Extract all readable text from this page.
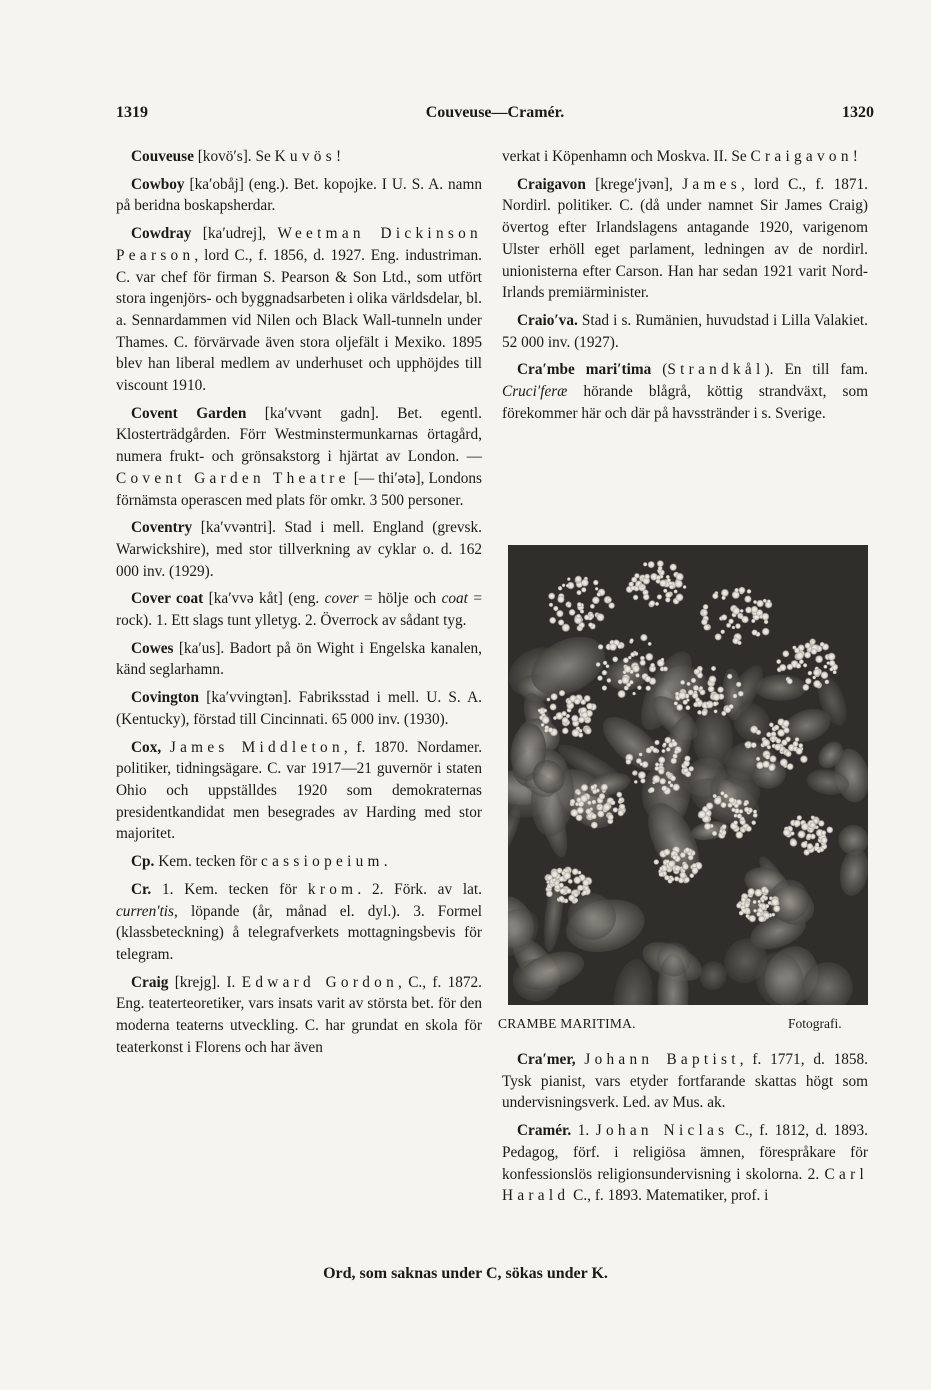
1319	Couveuse—Cramér.	1320

Couveuse [kovö′s]. Se Kuvös!

Cowboy [ka′obåj] (eng.). Bet. kopojke. I U. S. A. namn på beridna boskapsherdar.

Cowdray [ka′udrej], Weetman Dickinson Pearson, lord C., f. 1856, d. 1927. Eng. industriman. C. var chef för firman S. Pearson & Son Ltd., som utfört stora ingenjörs- och byggnadsarbeten i olika världsdelar, bl. a. Sennardammen vid Nilen och Black Wall-tunneln under Thames. C. förvärvade även stora oljefält i Mexiko. 1895 blev han liberal medlem av underhuset och upphöjdes till viscount 1910.

Covent Garden [ka′vvənt gadn]. Bet. egentl. Klosterträdgården. Förr Westminstermunkarnas örtagård, numera frukt- och grönsakstorg i hjärtat av London. — Covent Garden Theatre [— thi′ətə], Londons förnämsta operascen med plats för omkr. 3 500 personer.

Coventry [ka′vvəntri]. Stad i mell. England (grevsk. Warwickshire), med stor tillverkning av cyklar o. d. 162 000 inv. (1929).

Cover coat [ka′vvə kåt] (eng. cover = hölje och coat = rock). 1. Ett slags tunt ylletyg. 2. Överrock av sådant tyg.

Cowes [ka′us]. Badort på ön Wight i Engelska kanalen, känd seglarhamn.

Covington [ka′vvingtən]. Fabriksstad i mell. U. S. A. (Kentucky), förstad till Cincinnati. 65 000 inv. (1930).

Cox, James Middleton, f. 1870. Nordamer. politiker, tidningsägare. C. var 1917—21 guvernör i staten Ohio och uppställdes 1920 som demokraternas presidentkandidat men besegrades av Harding med stor majoritet.

Cp. Kem. tecken för cassiopeium.

Cr. 1. Kem. tecken för krom. 2. Förk. av lat. curren′tis, löpande (år, månad el. dyl.). 3. Formel (klassbeteckning) å telegrafverkets mottagningsbevis för telegram.

Craig [krejg]. I. Edward Gordon, C., f. 1872. Eng. teaterteoretiker, vars insats varit av största bet. för den moderna teaterns utveckling. C. har grundat en skola för teaterkonst i Florens och har även

verkat i Köpenhamn och Moskva. II. Se Craigavon!

Craigavon [krege′jvən], James, lord C., f. 1871. Nordirl. politiker. C. (då under namnet Sir James Craig) övertog efter Irlandslagens antagande 1920, varigenom Ulster erhöll eget parlament, ledningen av de nordirl. unionisterna efter Carson. Han har sedan 1921 varit Nord-Irlands premiärminister.

Craio′va. Stad i s. Rumänien, huvudstad i Lilla Valakiet. 52 000 inv. (1927).

Cra′mbe mari′tima (Strandkål). En till fam. Cruci′feræ hörande blågrå, köttig strandväxt, som förekommer här och där på havsstränder i s. Sverige.

CRAMBE MARITIMA.	Fotografi.

Cra′mer, Johann Baptist, f. 1771, d. 1858. Tysk pianist, vars etyder fortfarande skattas högt som undervisningsverk. Led. av Mus. ak.

Cramér. 1. Johan Niclas C., f. 1812, d. 1893. Pedagog, förf. i religiösa ämnen, förespråkare för konfessionslös religionsundervisning i skolorna. 2. Carl Harald C., f. 1893. Matematiker, prof. i

Ord, som saknas under C, sökas under K.
